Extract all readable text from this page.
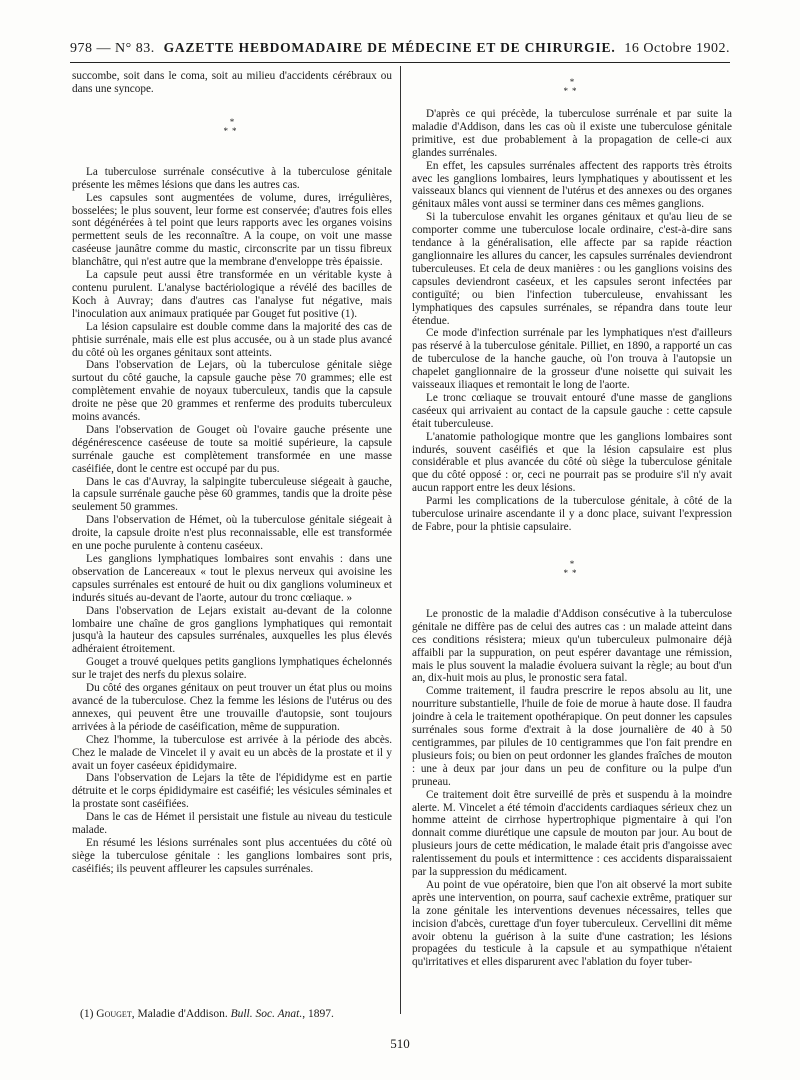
978 — N° 83. GAZETTE HEBDOMADAIRE DE MÉDECINE ET DE CHIRURGIE. 16 Octobre 1902.

succombe, soit dans le coma, soit au milieu d'accidents cérébraux ou dans une syncope.

*
**

La tuberculose surrénale consécutive à la tuberculose génitale présente les mêmes lésions que dans les autres cas.

Les capsules sont augmentées de volume, dures, irrégulières, bosselées; le plus souvent, leur forme est conservée; d'autres fois elles sont dégénérées à tel point que leurs rapports avec les organes voisins permettent seuls de les reconnaître. A la coupe, on voit une masse caséeuse jaunâtre comme du mastic, circonscrite par un tissu fibreux blanchâtre, qui n'est autre que la membrane d'enveloppe très épaissie.

La capsule peut aussi être transformée en un véritable kyste à contenu purulent. L'analyse bactériologique a révélé des bacilles de Koch à Auvray; dans d'autres cas l'analyse fut négative, mais l'inoculation aux animaux pratiquée par Gouget fut positive (1).

La lésion capsulaire est double comme dans la majorité des cas de phtisie surrénale, mais elle est plus accusée, ou à un stade plus avancé du côté où les organes génitaux sont atteints.

Dans l'observation de Lejars, où la tuberculose génitale siège surtout du côté gauche, la capsule gauche pèse 70 grammes; elle est complètement envahie de noyaux tuberculeux, tandis que la capsule droite ne pèse que 20 grammes et renferme des produits tuberculeux moins avancés.

Dans l'observation de Gouget où l'ovaire gauche présente une dégénérescence caséeuse de toute sa moitié supérieure, la capsule surrénale gauche est complètement transformée en une masse caséifiée, dont le centre est occupé par du pus.

Dans le cas d'Auvray, la salpingite tuberculeuse siégeait à gauche, la capsule surrénale gauche pèse 60 grammes, tandis que la droite pèse seulement 50 grammes.

Dans l'observation de Hémet, où la tuberculose génitale siégeait à droite, la capsule droite n'est plus reconnaissable, elle est transformée en une poche purulente à contenu caséeux.

Les ganglions lymphatiques lombaires sont envahis : dans une observation de Lancereaux « tout le plexus nerveux qui avoisine les capsules surrénales est entouré de huit ou dix ganglions volumineux et indurés situés au-devant de l'aorte, autour du tronc cœliaque. »

Dans l'observation de Lejars existait au-devant de la colonne lombaire une chaîne de gros ganglions lymphatiques qui remontait jusqu'à la hauteur des capsules surrénales, auxquelles les plus élevés adhéraient étroitement.

Gouget a trouvé quelques petits ganglions lymphatiques échelonnés sur le trajet des nerfs du plexus solaire.

Du côté des organes génitaux on peut trouver un état plus ou moins avancé de la tuberculose. Chez la femme les lésions de l'utérus ou des annexes, qui peuvent être une trouvaille d'autopsie, sont toujours arrivées à la période de caséification, même de suppuration.

Chez l'homme, la tuberculose est arrivée à la période des abcès. Chez le malade de Vincelet il y avait eu un abcès de la prostate et il y avait un foyer caséeux épididymaire.

Dans l'observation de Lejars la tête de l'épididyme est en partie détruite et le corps épididymaire est caséifié; les vésicules séminales et la prostate sont caséifiées.

Dans le cas de Hémet il persistait une fistule au niveau du testicule malade.

En résumé les lésions surrénales sont plus accentuées du côté où siège la tuberculose génitale : les ganglions lombaires sont pris, caséifiés; ils peuvent affleurer les capsules surrénales.

*
**

D'après ce qui précède, la tuberculose surrénale et par suite la maladie d'Addison, dans les cas où il existe une tuberculose génitale primitive, est due probablement à la propagation de celle-ci aux glandes surrénales.

En effet, les capsules surrénales affectent des rapports très étroits avec les ganglions lombaires, leurs lymphatiques y aboutissent et les vaisseaux blancs qui viennent de l'utérus et des annexes ou des organes génitaux mâles vont aussi se terminer dans ces mêmes ganglions.

Si la tuberculose envahit les organes génitaux et qu'au lieu de se comporter comme une tuberculose locale ordinaire, c'est-à-dire sans tendance à la généralisation, elle affecte par sa rapide réaction ganglionnaire les allures du cancer, les capsules surrénales deviendront tuberculeuses. Et cela de deux manières : ou les ganglions voisins des capsules deviendront caséeux, et les capsules seront infectées par contiguïté; ou bien l'infection tuberculeuse, envahissant les lymphatiques des capsules surrénales, se répandra dans toute leur étendue.

Ce mode d'infection surrénale par les lymphatiques n'est d'ailleurs pas réservé à la tuberculose génitale. Pilliet, en 1890, a rapporté un cas de tuberculose de la hanche gauche, où l'on trouva à l'autopsie un chapelet ganglionnaire de la grosseur d'une noisette qui suivait les vaisseaux iliaques et remontait le long de l'aorte.

Le tronc cœliaque se trouvait entouré d'une masse de ganglions caséeux qui arrivaient au contact de la capsule gauche : cette capsule était tuberculeuse.

L'anatomie pathologique montre que les ganglions lombaires sont indurés, souvent caséifiés et que la lésion capsulaire est plus considérable et plus avancée du côté où siège la tuberculose génitale que du côté opposé : or, ceci ne pourrait pas se produire s'il n'y avait aucun rapport entre les deux lésions.

Parmi les complications de la tuberculose génitale, à côté de la tuberculose urinaire ascendante il y a donc place, suivant l'expression de Fabre, pour la phtisie capsulaire.

*
**

Le pronostic de la maladie d'Addison consécutive à la tuberculose génitale ne diffère pas de celui des autres cas : un malade atteint dans ces conditions résistera; mieux qu'un tuberculeux pulmonaire déjà affaibli par la suppuration, on peut espérer davantage une rémission, mais le plus souvent la maladie évoluera suivant la règle; au bout d'un an, dix-huit mois au plus, le pronostic sera fatal.

Comme traitement, il faudra prescrire le repos absolu au lit, une nourriture substantielle, l'huile de foie de morue à haute dose. Il faudra joindre à cela le traitement opothérapique. On peut donner les capsules surrénales sous forme d'extrait à la dose journalière de 40 à 50 centigrammes, par pilules de 10 centigrammes que l'on fait prendre en plusieurs fois; ou bien on peut ordonner les glandes fraîches de mouton : une à deux par jour dans un peu de confiture ou la pulpe d'un pruneau.

Ce traitement doit être surveillé de près et suspendu à la moindre alerte. M. Vincelet a été témoin d'accidents cardiaques sérieux chez un homme atteint de cirrhose hypertrophique pigmentaire à qui l'on donnait comme diurétique une capsule de mouton par jour. Au bout de plusieurs jours de cette médication, le malade était pris d'angoisse avec ralentissement du pouls et intermittence : ces accidents disparaissaient par la suppression du médicament.

Au point de vue opératoire, bien que l'on ait observé la mort subite après une intervention, on pourra, sauf cachexie extrême, pratiquer sur la zone génitale les interventions devenues nécessaires, telles que incision d'abcès, curettage d'un foyer tuberculeux. Cervellini dit même avoir obtenu la guérison à la suite d'une castration; les lésions propagées du testicule à la capsule et au sympathique n'étaient qu'irritatives et elles disparurent avec l'ablation du foyer tuber-

(1) Gouget, Maladie d'Addison. Bull. Soc. Anat., 1897.
510
